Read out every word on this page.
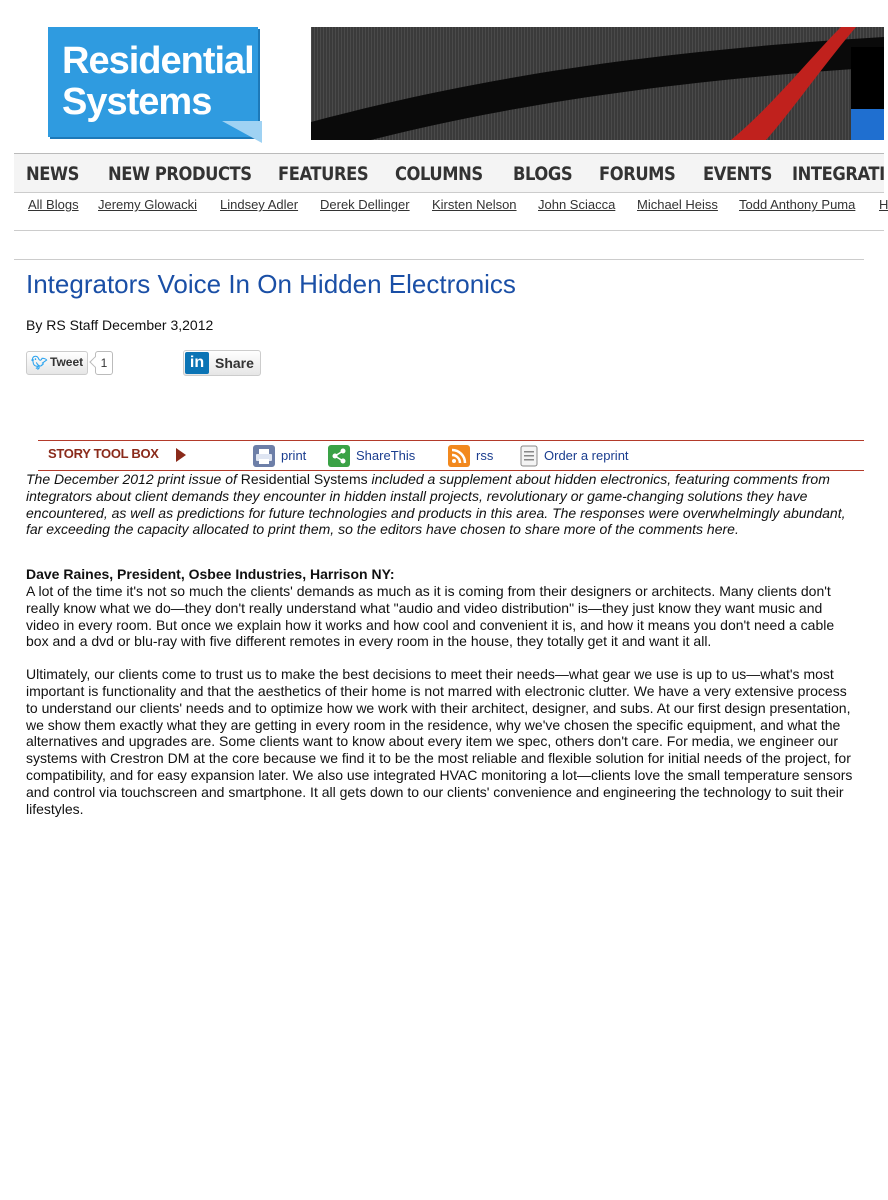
Residential
Systems
NEWS NEW PRODUCTS FEATURES COLUMNS BLOGS FORUMS EVENTS INTEGRATI
All Blogs Jeremy Glowacki Lindsey Adler Derek Dellinger Kirsten Nelson John Sciacca Michael Heiss Todd Anthony Puma H
Integrators Voice In On Hidden Electronics
By RS Staff December 3,2012
🐦︎ Tweet	1	in Share
STORY TOOL BOX	print	ShareThis	rss	Order a reprint

The December 2012 print issue of Residential Systems included a supplement about hidden electronics, featuring comments from integrators about client demands they encounter in hidden install projects, revolutionary or game-changing solutions they have encountered, as well as predictions for future technologies and products in this area. The responses were overwhelmingly abundant, far exceeding the capacity allocated to print them, so the editors have chosen to share more of the comments here.

Dave Raines, President, Osbee Industries, Harrison NY:

A lot of the time it's not so much the clients' demands as much as it is coming from their designers or architects. Many clients don't really know what we do—they don't really understand what "audio and video distribution" is—they just know they want music and video in every room. But once we explain how it works and how cool and convenient it is, and how it means you don't need a cable box and a dvd or blu-ray with five different remotes in every room in the house, they totally get it and want it all.

Ultimately, our clients come to trust us to make the best decisions to meet their needs—what gear we use is up to us—what's most important is functionality and that the aesthetics of their home is not marred with electronic clutter. We have a very extensive process to understand our clients' needs and to optimize how we work with their architect, designer, and subs. At our first design presentation, we show them exactly what they are getting in every room in the residence, why we've chosen the specific equipment, and what the alternatives and upgrades are. Some clients want to know about every item we spec, others don't care. For media, we engineer our systems with Crestron DM at the core because we find it to be the most reliable and flexible solution for initial needs of the project, for compatibility, and for easy expansion later. We also use integrated HVAC monitoring a lot—clients love the small temperature sensors and control via touchscreen and smartphone. It all gets down to our clients' convenience and engineering the technology to suit their lifestyles.
